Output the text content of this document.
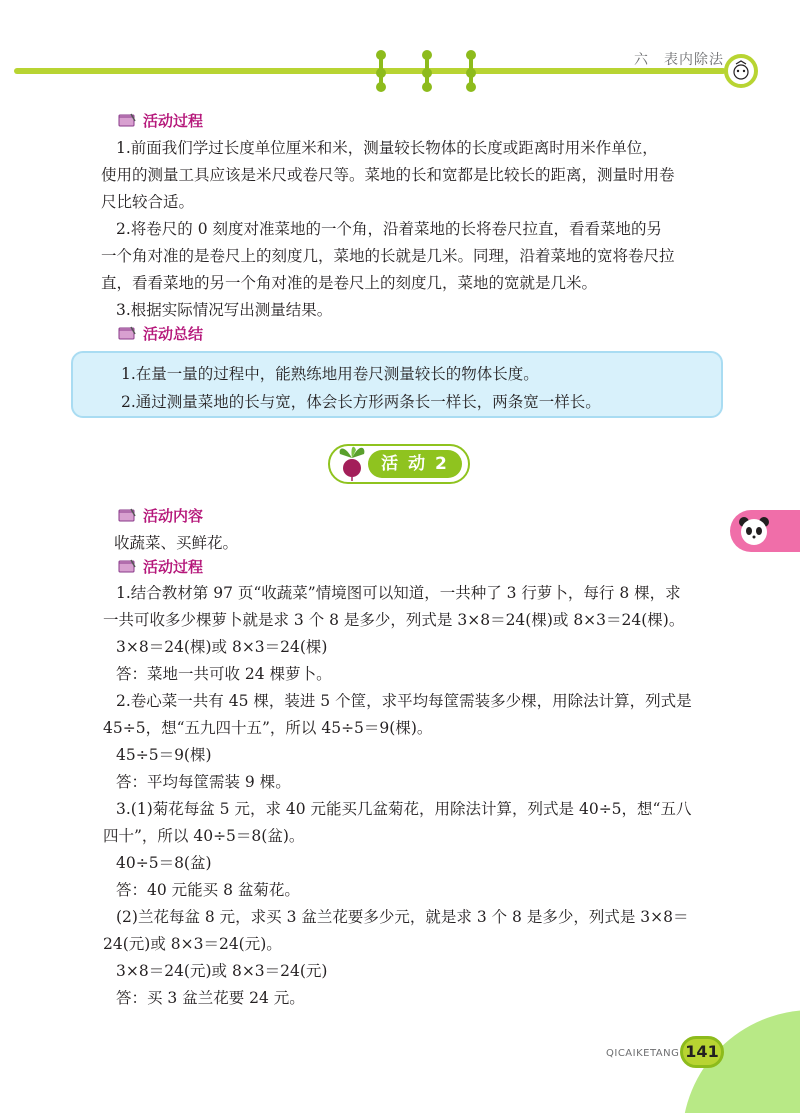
六　表内除法
活动过程

1.前面我们学过长度单位厘米和米，测量较长物体的长度或距离时用米作单位，

使用的测量工具应该是米尺或卷尺等。菜地的长和宽都是比较长的距离，测量时用卷

尺比较合适。

2.将卷尺的 0 刻度对准菜地的一个角，沿着菜地的长将卷尺拉直，看看菜地的另

一个角对准的是卷尺上的刻度几，菜地的长就是几米。同理，沿着菜地的宽将卷尺拉

直，看看菜地的另一个角对准的是卷尺上的刻度几，菜地的宽就是几米。

3.根据实际情况写出测量结果。

活动总结
1.在量一量的过程中，能熟练地用卷尺测量较长的物体长度。
2.通过测量菜地的长与宽，体会长方形两条长一样长，两条宽一样长。
活 动 2
活动内容
收蔬菜、买鲜花。
活动过程

1.结合教材第 97 页“收蔬菜”情境图可以知道，一共种了 3 行萝卜，每行 8 棵，求

一共可收多少棵萝卜就是求 3 个 8 是多少，列式是 3×8＝24(棵)或 8×3＝24(棵)。

3×8＝24(棵)或 8×3＝24(棵)

答：菜地一共可收 24 棵萝卜。

2.卷心菜一共有 45 棵，装进 5 个筐，求平均每筐需装多少棵，用除法计算，列式是

45÷5，想“五九四十五”，所以 45÷5＝9(棵)。

45÷5＝9(棵)

答：平均每筐需装 9 棵。

3.(1)菊花每盆 5 元，求 40 元能买几盆菊花，用除法计算，列式是 40÷5，想“五八

四十”，所以 40÷5＝8(盆)。

40÷5＝8(盆)

答：40 元能买 8 盆菊花。

(2)兰花每盆 8 元，求买 3 盆兰花要多少元，就是求 3 个 8 是多少，列式是 3×8＝

24(元)或 8×3＝24(元)。

3×8＝24(元)或 8×3＝24(元)

答：买 3 盆兰花要 24 元。

QICAIKETANG 141
